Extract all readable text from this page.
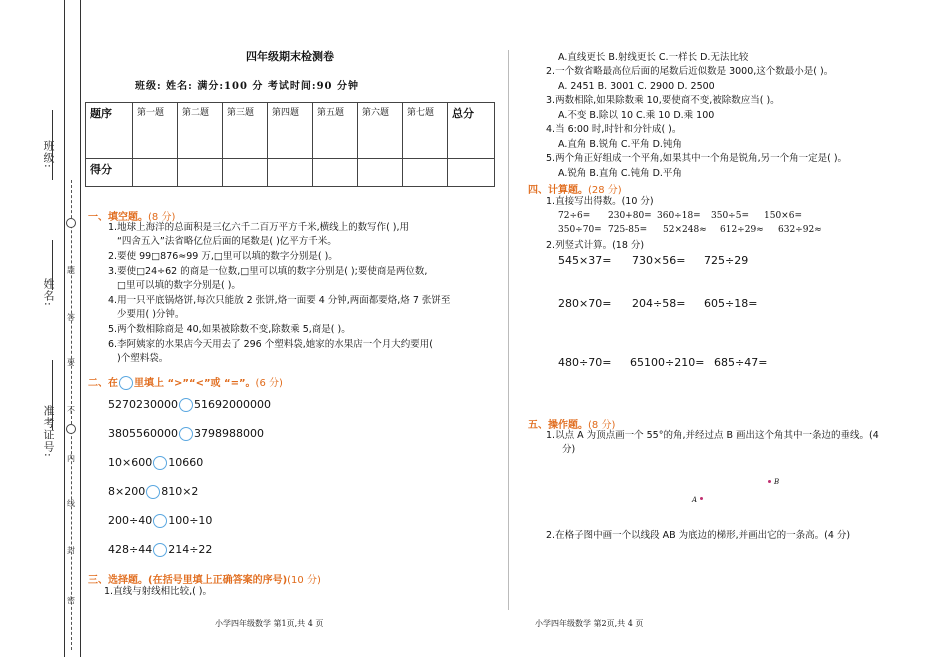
班级:
姓名:
准考证号:
密
封
线
内
不
要
答
题
四年级期末检测卷
班级: 姓名: 满分:100 分 考试时间:90 分钟
题序	第一题	第二题	第三题	第四题	第五题	第六题	第七题	总分
得分								
一、填空题。(8 分)
1.地球上海洋的总面积是三亿六千二百万平方千米,横线上的数写作( ),用
“四舍五入”法省略亿位后面的尾数是( )亿平方千米。
2.要使 99□876≈99 万,□里可以填的数字分别是( )。
3.要使□24÷62 的商是一位数,□里可以填的数字分别是( );要使商是两位数,
□里可以填的数字分别是( )。
4.用一只平底锅烙饼,每次只能放 2 张饼,烙一面要 4 分钟,两面都要烙,烙 7 张饼至
少要用( )分钟。
5.两个数相除商是 40,如果被除数不变,除数乘 5,商是( )。
6.李阿姨家的水果店今天用去了 296 个塑料袋,她家的水果店一个月大约要用(
)个塑料袋。
二、在 里填上 “>”“<”或 “=”。(6 分)
5270230000 51692000000
3805560000 3798988000
10×600 10660
8×200 810×2
200÷40 100÷10
428÷44 214÷22
三、选择题。(在括号里填上正确答案的序号)(10 分)
1.直线与射线相比较,( )。
小学四年级数学 第1页,共 4 页
A.直线更长 B.射线更长 C.一样长 D.无法比较
2.一个数省略最高位后面的尾数后近似数是 3000,这个数最小是( )。
A. 2451 B. 3001 C. 2900 D. 2500
3.两数相除,如果除数乘 10,要使商不变,被除数应当( )。
A.不变 B.除以 10 C.乘 10 D.乘 100
4.当 6:00 时,时针和分针成( )。
A.直角 B.锐角 C.平角 D.钝角
5.两个角正好组成一个平角,如果其中一个角是锐角,另一个角一定是( )。
A.锐角 B.直角 C.钝角 D.平角
四、计算题。(28 分)
1.直接写出得数。(10 分)
72÷6= 230+80= 360÷18= 350÷5= 150×6=
350÷70= 725-85= 52×248≈ 612÷29≈ 632÷92≈
2.列竖式计算。(18 分)
545×37= 730×56= 725÷29
280×70= 204÷58= 605÷18=
480÷70= 65100÷210= 685÷47=
五、操作题。(8 分)
1.以点 A 为顶点画一个 55°的角,并经过点 B 画出这个角其中一条边的垂线。(4
分)
A
B
2.在格子图中画一个以线段 AB 为底边的梯形,并画出它的一条高。(4 分)
小学四年级数学 第2页,共 4 页
